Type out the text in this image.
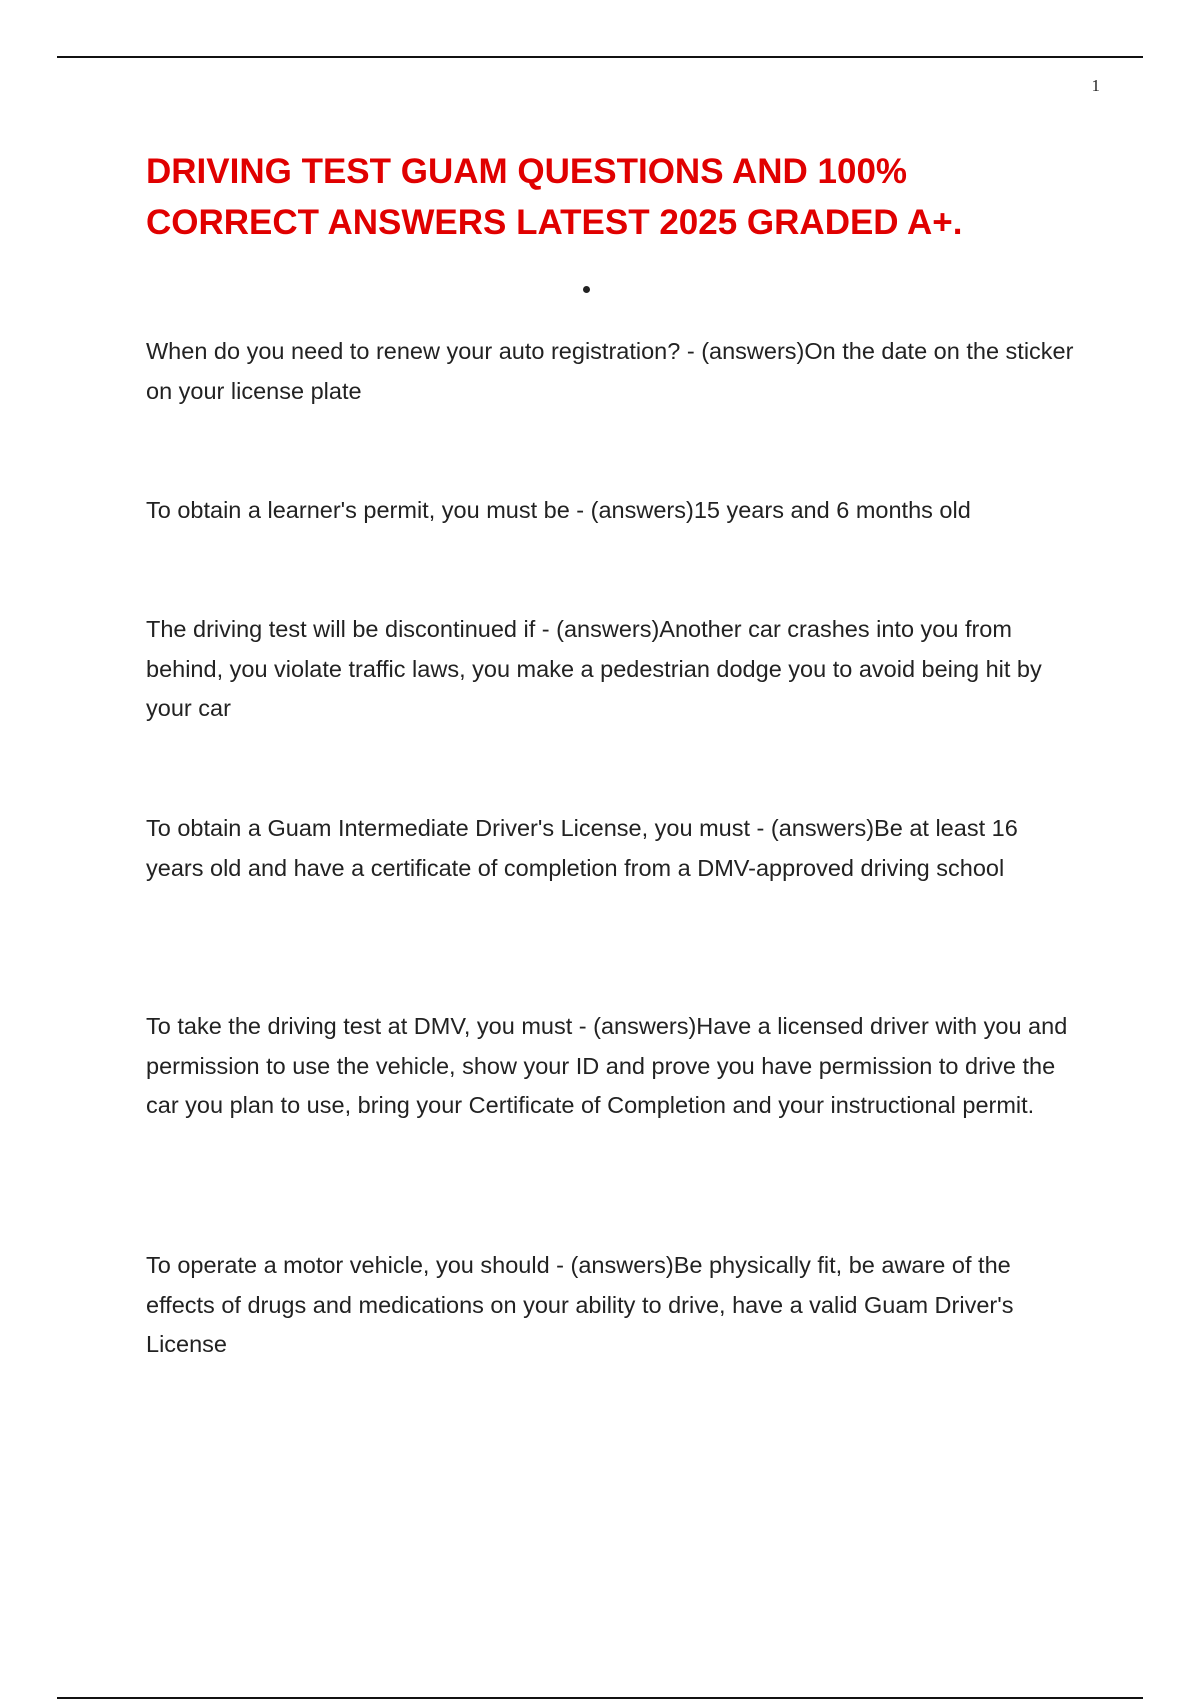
1
DRIVING TEST GUAM QUESTIONS AND 100% CORRECT ANSWERS LATEST 2025 GRADED A+.

When do you need to renew your auto registration? - (answers)On the date on the sticker on your license plate

To obtain a learner's permit, you must be - (answers)15 years and 6 months old

The driving test will be discontinued if - (answers)Another car crashes into you from behind, you violate traffic laws, you make a pedestrian dodge you to avoid being hit by your car

To obtain a Guam Intermediate Driver's License, you must - (answers)Be at least 16 years old and have a certificate of completion from a DMV-approved driving school

To take the driving test at DMV, you must - (answers)Have a licensed driver with you and permission to use the vehicle, show your ID and prove you have permission to drive the car you plan to use, bring your Certificate of Completion and your instructional permit.

To operate a motor vehicle, you should - (answers)Be physically fit, be aware of the effects of drugs and medications on your ability to drive, have a valid Guam Driver's License
